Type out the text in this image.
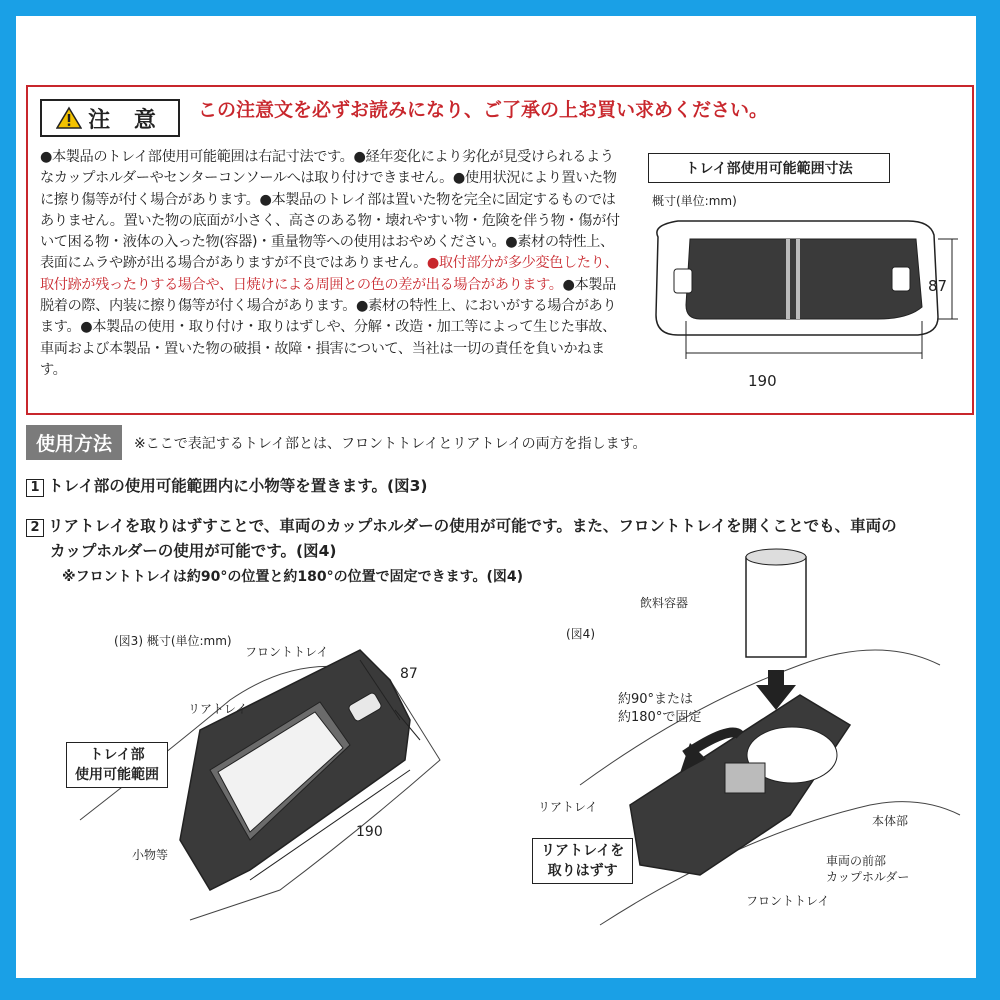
注 意 この注意文を必ずお読みになり、ご了承の上お買い求めください。
●本製品のトレイ部使用可能範囲は右記寸法です。●経年変化により劣化が見受けられるようなカップホルダーやセンターコンソールへは取り付けできません。●使用状況により置いた物に擦り傷等が付く場合があります。●本製品のトレイ部は置いた物を完全に固定するものではありません。置いた物の底面が小さく、高さのある物・壊れやすい物・危険を伴う物・傷が付いて困る物・液体の入った物(容器)・重量物等への使用はおやめください。●素材の特性上、表面にムラや跡が出る場合がありますが不良ではありません。●取付部分が多少変色したり、取付跡が残ったりする場合や、日焼けによる周囲との色の差が出る場合があります。●本製品脱着の際、内装に擦り傷等が付く場合があります。●素材の特性上、においがする場合があります。●本製品の使用・取り付け・取りはずしや、分解・改造・加工等によって生じた事故、車両および本製品・置いた物の破損・故障・損害について、当社は一切の責任を負いかねます。
トレイ部使用可能範囲寸法
概寸(単位:mm)
87
190
使用方法	※ここで表記するトレイ部とは、フロントトレイとリアトレイの両方を指します。
1 トレイ部の使用可能範囲内に小物等を置きます。(図3)
2 リアトレイを取りはずすことで、車両のカップホルダーの使用が可能です。また、フロントトレイを開くことでも、車両の
カップホルダーの使用が可能です。(図4)
※フロントトレイは約90°の位置と約180°の位置で固定できます。(図4)
(図3) 概寸(単位:mm)
フロントトレイ
リアトレイ
トレイ部
使用可能範囲
小物等
87
190
(図4)
飲料容器
約90°または
約180°で固定
リアトレイ
リアトレイを
取りはずす
本体部
車両の前部
カップホルダー
フロントトレイ
